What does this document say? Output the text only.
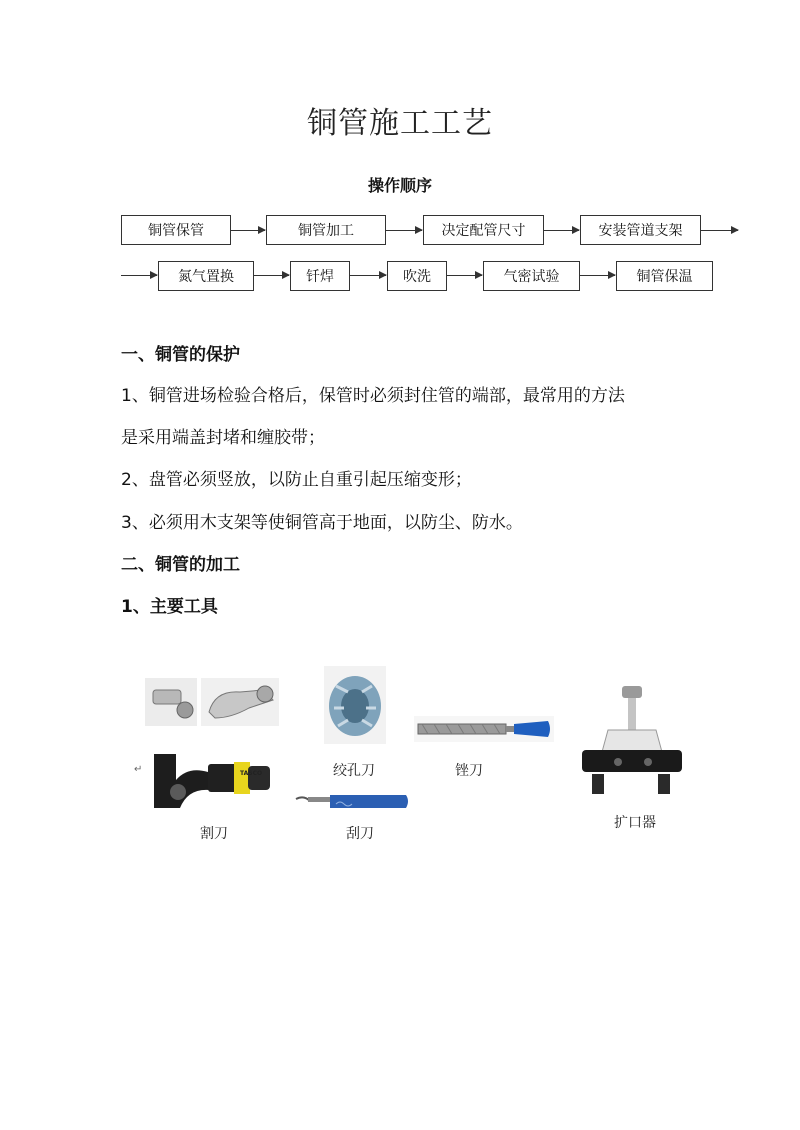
铜管施工工艺
操作顺序
铜管保管	铜管加工	决定配管尺寸	安装管道支架
氮气置换	钎焊	吹洗	气密试验	铜管保温
一、铜管的保护
1、铜管进场检验合格后，保管时必须封住管的端部，最常用的方法
是采用端盖封堵和缠胶带；
2、盘管必须竖放，以防止自重引起压缩变形；
3、必须用木支架等使铜管高于地面，以防尘、防水。
二、铜管的加工
1、主要工具
TASCO
↵	绞孔刀	锉刀
割刀	刮刀
扩口器
